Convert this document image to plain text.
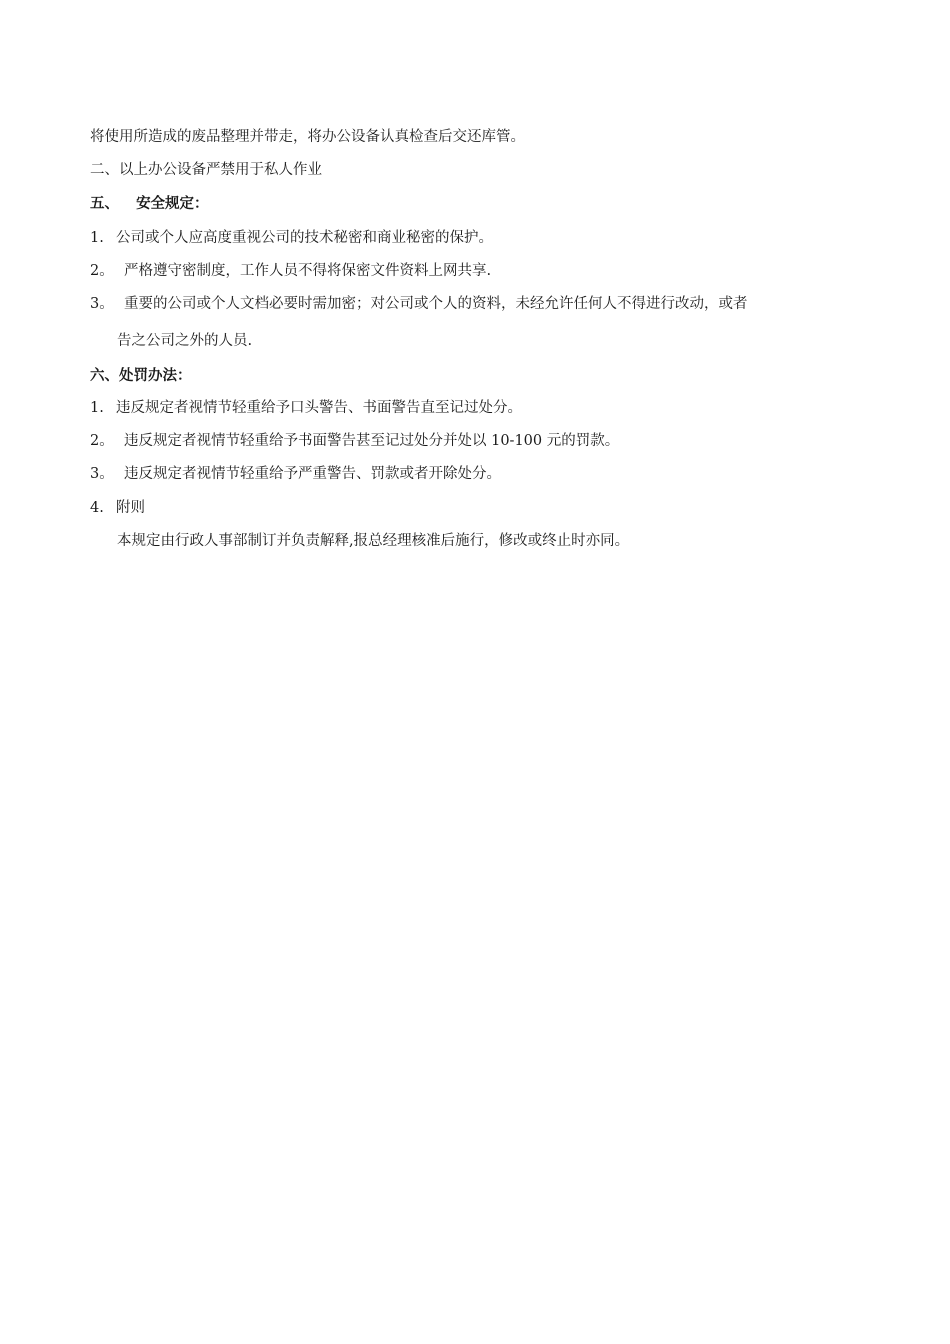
将使用所造成的废品整理并带走，将办公设备认真检查后交还库管。
二、以上办公设备严禁用于私人作业
五、 安全规定：
1. 公司或个人应高度重视公司的技术秘密和商业秘密的保护。
2。 严格遵守密制度，工作人员不得将保密文件资料上网共享.
3。 重要的公司或个人文档必要时需加密；对公司或个人的资料，未经允许任何人不得进行改动，或者
告之公司之外的人员.
六、处罚办法：
1. 违反规定者视情节轻重给予口头警告、书面警告直至记过处分。
2。 违反规定者视情节轻重给予书面警告甚至记过处分并处以 10-100 元的罚款。
3。 违反规定者视情节轻重给予严重警告、罚款或者开除处分。
4. 附则
本规定由行政人事部制订并负责解释,报总经理核准后施行，修改或终止时亦同。
